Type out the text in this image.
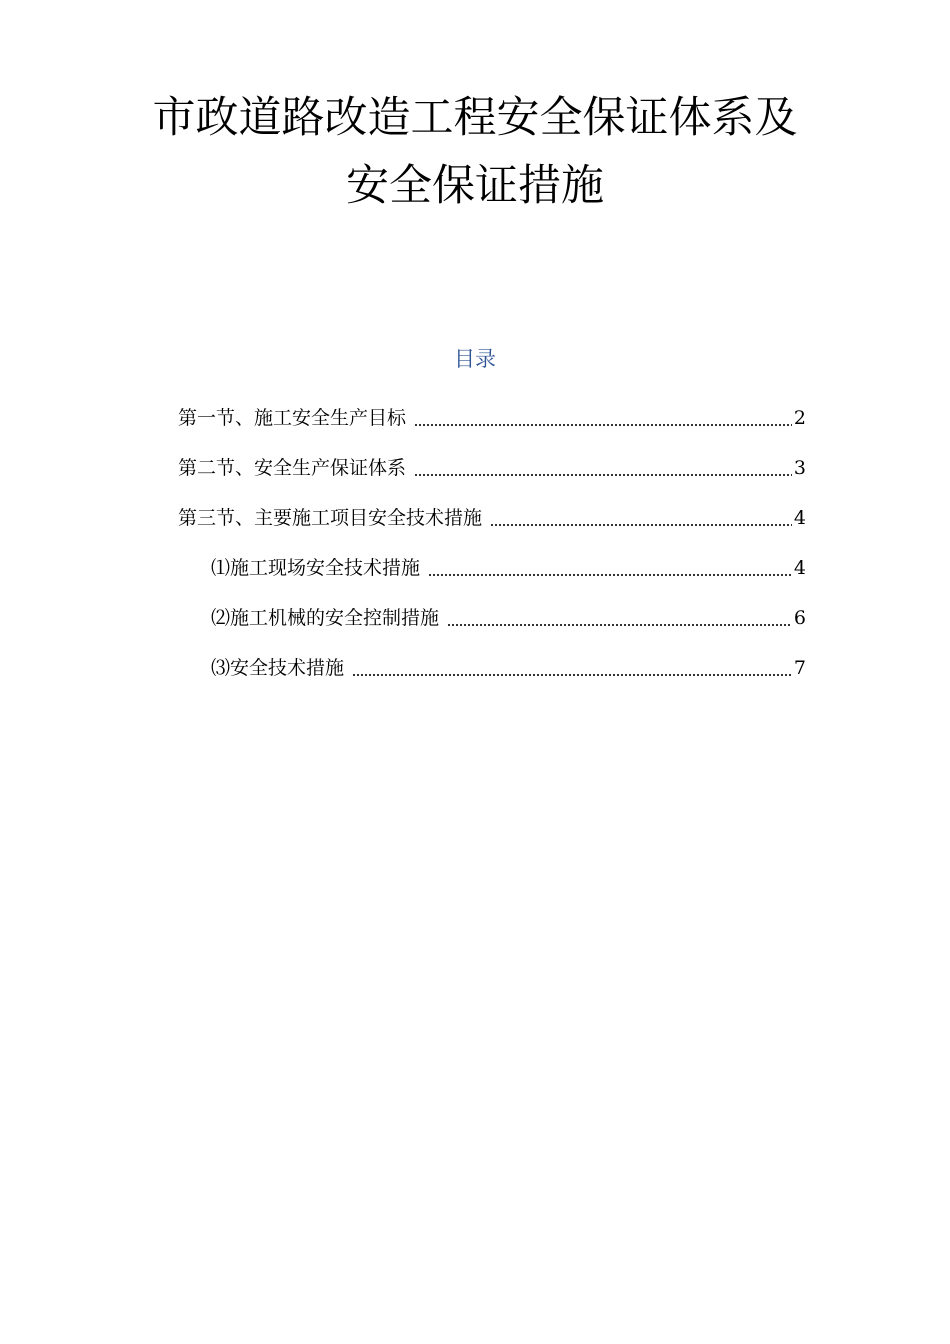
市政道路改造工程安全保证体系及
安全保证措施
目录
第一节、施工安全生产目标	2
第二节、安全生产保证体系	3
第三节、主要施工项目安全技术措施	4
⑴施工现场安全技术措施	4
⑵施工机械的安全控制措施	6
⑶安全技术措施	7
